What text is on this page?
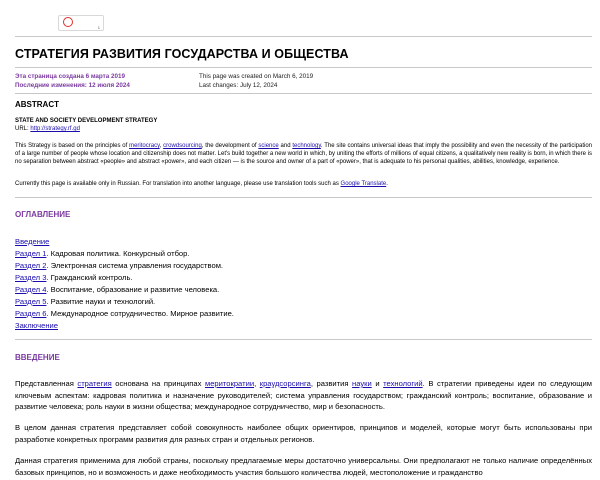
1
СТРАТЕГИЯ РАЗВИТИЯ ГОСУДАРСТВА И ОБЩЕСТВА
Эта страница создана 6 марта 2019
Последние изменения: 12 июля 2024
This page was created on March 6, 2019
Last changes: July 12, 2024
ABSTRACT
STATE AND SOCIETY DEVELOPMENT STRATEGY
URL: http://strategy.rf.gd

This Strategy is based on the principles of meritocracy, crowdsourcing, the development of science and technology. The site contains universal ideas that imply the possibility and even the necessity of the participation of a large number of people whose location and citizenship does not matter. Let's build together a new world in which, by uniting the efforts of millions of equal citizens, a qualitatively new reality is born, in which there is no separation between abstract «people» and abstract «power», and each citizen — is the source and owner of a part of «power», that is adequate to his personal qualities, abilities, knowledge, experience.

Currently this page is available only in Russian. For translation into another language, please use translation tools such as Google Translate.
ОГЛАВЛЕНИЕ
Введение
Раздел 1. Кадровая политика. Конкурсный отбор.
Раздел 2. Электронная система управления государством.
Раздел 3. Гражданский контроль.
Раздел 4. Воспитание, образование и развитие человека.
Раздел 5. Развитие науки и технологий.
Раздел 6. Международное сотрудничество. Мирное развитие.
Заключение
ВВЕДЕНИЕ

Представленная стратегия основана на принципах меритократии, краудсорсинга, развития науки и технологий. В стратегии приведены идеи по следующим ключевым аспектам: кадровая политика и назначение руководителей; система управления государством; гражданский контроль; воспитание, образование и развитие человека; роль науки в жизни общества; международное сотрудничество, мир и безопасность.

В целом данная стратегия представляет собой совокупность наиболее общих ориентиров, принципов и моделей, которые могут быть использованы при разработке конкретных программ развития для разных стран и отдельных регионов.

Данная стратегия применима для любой страны, поскольку предлагаемые меры достаточно универсальны. Они предполагают не только наличие определённых базовых принципов, но и возможность и даже необходимость участия большого количества людей, местоположение и гражданство
